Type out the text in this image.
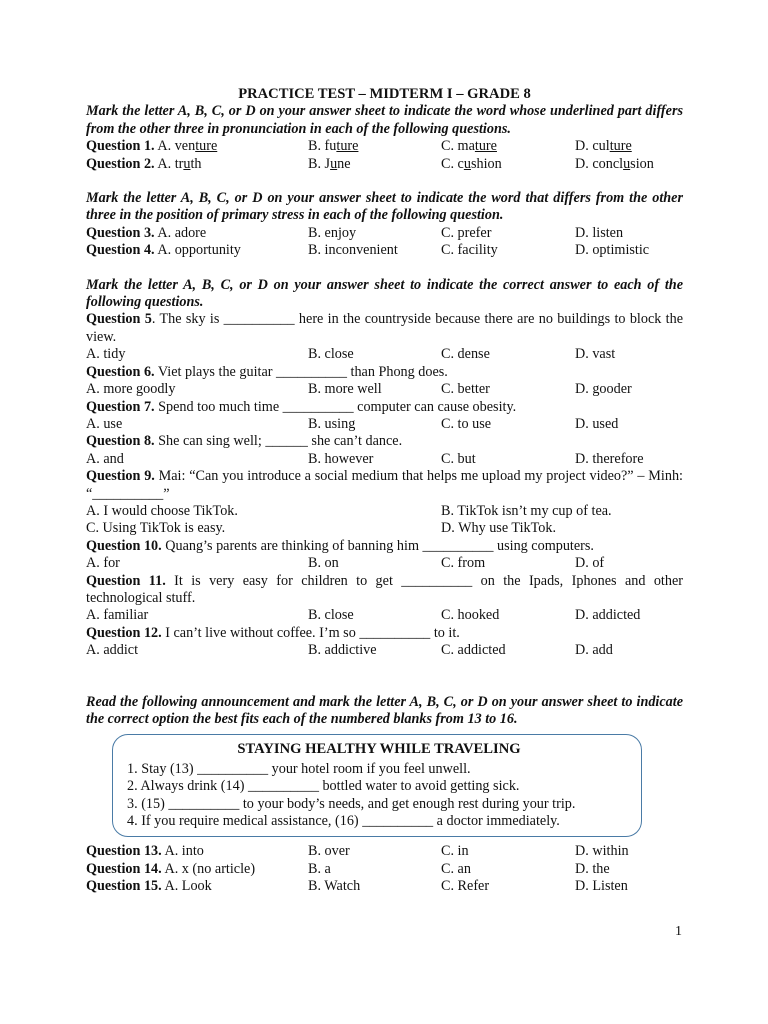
PRACTICE TEST – MIDTERM I – GRADE 8
Mark the letter A, B, C, or D on your answer sheet to indicate the word whose underlined part differs from the other three in pronunciation in each of the following questions.
Question 1. A. venture	B. future	C. mature	D. culture
Question 2. A. truth	B. June	C. cushion	D. conclusion
Mark the letter A, B, C, or D on your answer sheet to indicate the word that differs from the other three in the position of primary stress in each of the following question.
Question 3. A. adore	B. enjoy	C. prefer	D. listen
Question 4. A. opportunity	B. inconvenient	C. facility	D. optimistic
Mark the letter A, B, C, or D on your answer sheet to indicate the correct answer to each of the following questions.
Question 5. The sky is __________ here in the countryside because there are no buildings to block the view.
A. tidy	B. close	C. dense	D. vast
Question 6. Viet plays the guitar __________ than Phong does.
A. more goodly	B. more well	C. better	D. gooder
Question 7. Spend too much time __________ computer can cause obesity.
A. use	B. using	C. to use	D. used
Question 8. She can sing well; ______ she can’t dance.
A. and	B. however	C. but	D. therefore
Question 9. Mai: “Can you introduce a social medium that helps me upload my project video?” – Minh: “__________”
A. I would choose TikTok.	B. TikTok isn’t my cup of tea.
C. Using TikTok is easy.	D. Why use TikTok.
Question 10. Quang’s parents are thinking of banning him __________ using computers.
A. for	B. on	C. from	D. of
Question 11. It is very easy for children to get __________ on the Ipads, Iphones and other technological stuff.
A. familiar	B. close	C. hooked	D. addicted
Question 12. I can’t live without coffee. I’m so __________ to it.
A. addict	B. addictive	C. addicted	D. add
Read the following announcement and mark the letter A, B, C, or D on your answer sheet to indicate the correct option the best fits each of the numbered blanks from 13 to 16.
STAYING HEALTHY WHILE TRAVELING
1. Stay (13) __________ your hotel room if you feel unwell.
2. Always drink (14) __________ bottled water to avoid getting sick.
3. (15) __________ to your body’s needs, and get enough rest during your trip.
4. If you require medical assistance, (16) __________ a doctor immediately.
Question 13. A. into	B. over	C. in	D. within
Question 14. A. x (no article)	B. a	C. an	D. the
Question 15. A. Look	B. Watch	C. Refer	D. Listen
1
